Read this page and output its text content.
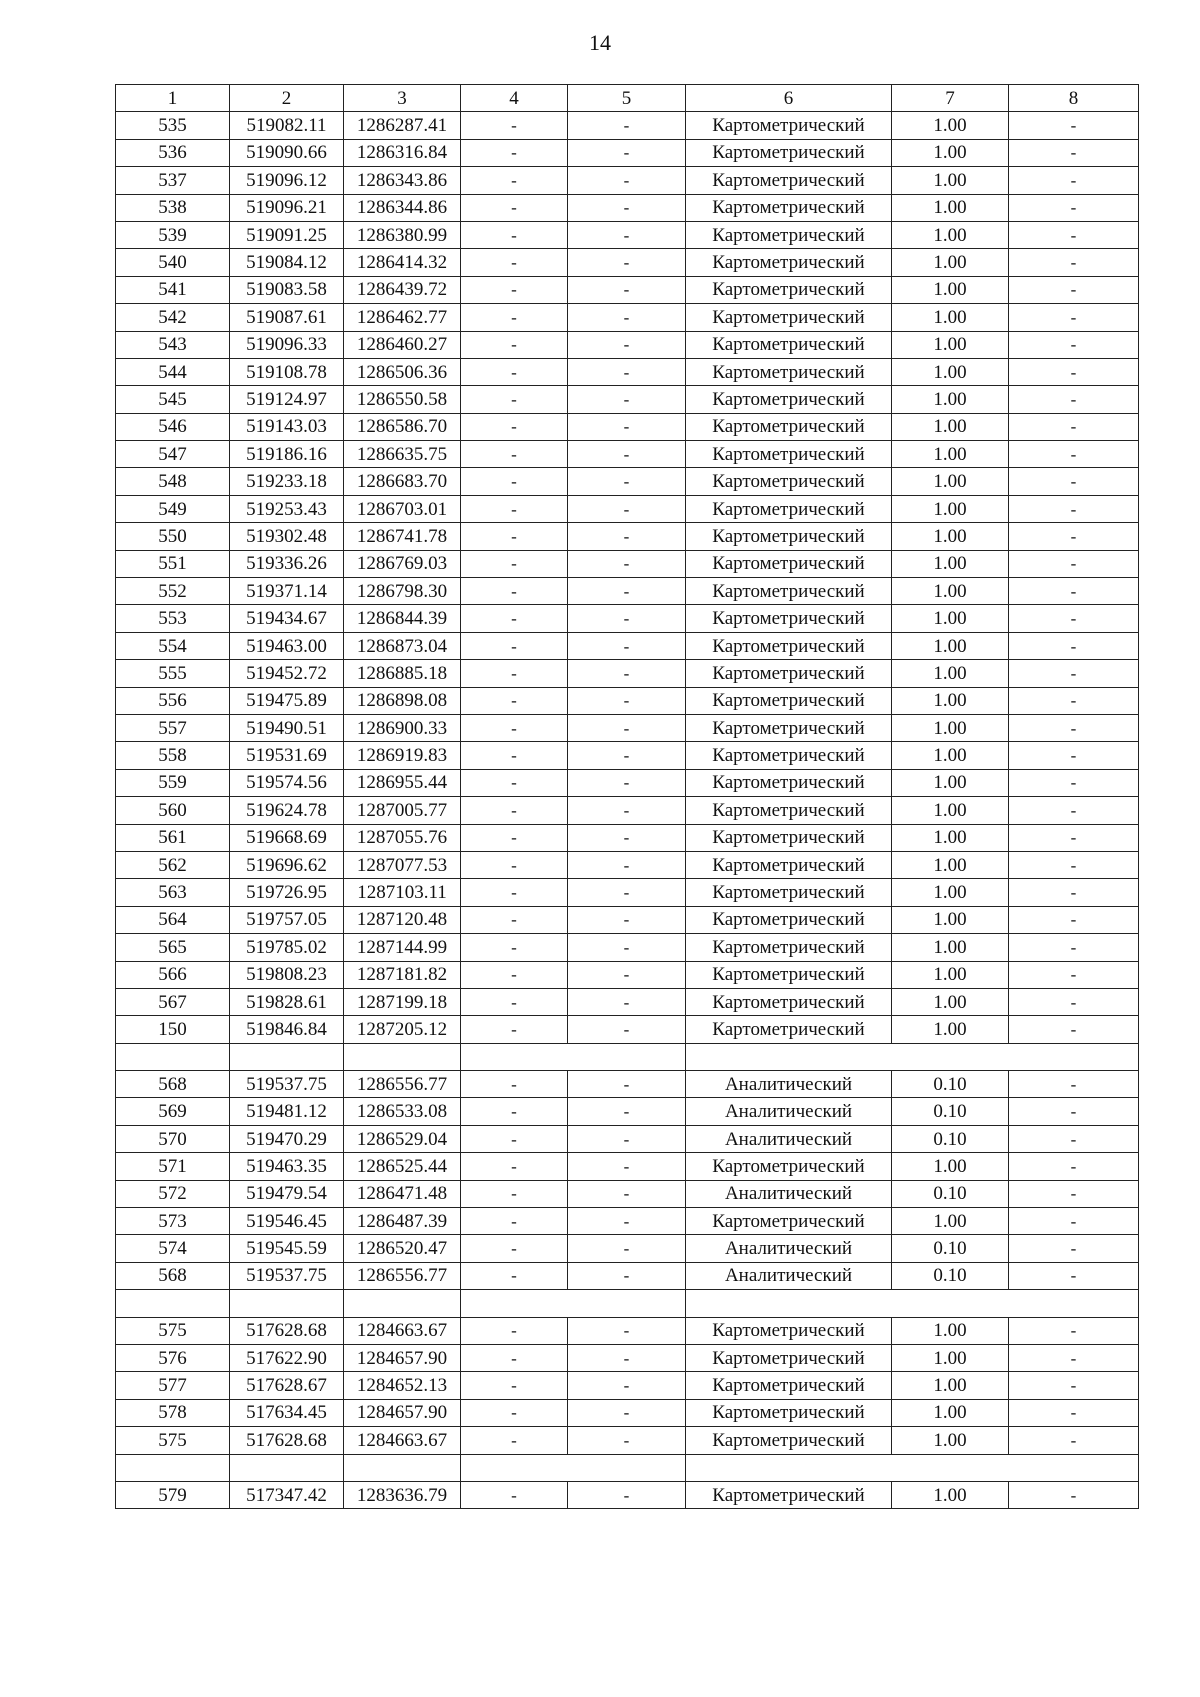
14
1	2	3	4	5	6	7	8
535	519082.11	1286287.41	-	-	Картометрический	1.00	-
536	519090.66	1286316.84	-	-	Картометрический	1.00	-
537	519096.12	1286343.86	-	-	Картометрический	1.00	-
538	519096.21	1286344.86	-	-	Картометрический	1.00	-
539	519091.25	1286380.99	-	-	Картометрический	1.00	-
540	519084.12	1286414.32	-	-	Картометрический	1.00	-
541	519083.58	1286439.72	-	-	Картометрический	1.00	-
542	519087.61	1286462.77	-	-	Картометрический	1.00	-
543	519096.33	1286460.27	-	-	Картометрический	1.00	-
544	519108.78	1286506.36	-	-	Картометрический	1.00	-
545	519124.97	1286550.58	-	-	Картометрический	1.00	-
546	519143.03	1286586.70	-	-	Картометрический	1.00	-
547	519186.16	1286635.75	-	-	Картометрический	1.00	-
548	519233.18	1286683.70	-	-	Картометрический	1.00	-
549	519253.43	1286703.01	-	-	Картометрический	1.00	-
550	519302.48	1286741.78	-	-	Картометрический	1.00	-
551	519336.26	1286769.03	-	-	Картометрический	1.00	-
552	519371.14	1286798.30	-	-	Картометрический	1.00	-
553	519434.67	1286844.39	-	-	Картометрический	1.00	-
554	519463.00	1286873.04	-	-	Картометрический	1.00	-
555	519452.72	1286885.18	-	-	Картометрический	1.00	-
556	519475.89	1286898.08	-	-	Картометрический	1.00	-
557	519490.51	1286900.33	-	-	Картометрический	1.00	-
558	519531.69	1286919.83	-	-	Картометрический	1.00	-
559	519574.56	1286955.44	-	-	Картометрический	1.00	-
560	519624.78	1287005.77	-	-	Картометрический	1.00	-
561	519668.69	1287055.76	-	-	Картометрический	1.00	-
562	519696.62	1287077.53	-	-	Картометрический	1.00	-
563	519726.95	1287103.11	-	-	Картометрический	1.00	-
564	519757.05	1287120.48	-	-	Картометрический	1.00	-
565	519785.02	1287144.99	-	-	Картометрический	1.00	-
566	519808.23	1287181.82	-	-	Картометрический	1.00	-
567	519828.61	1287199.18	-	-	Картометрический	1.00	-
150	519846.84	1287205.12	-	-	Картометрический	1.00	-

568	519537.75	1286556.77	-	-	Аналитический	0.10	-
569	519481.12	1286533.08	-	-	Аналитический	0.10	-
570	519470.29	1286529.04	-	-	Аналитический	0.10	-
571	519463.35	1286525.44	-	-	Картометрический	1.00	-
572	519479.54	1286471.48	-	-	Аналитический	0.10	-
573	519546.45	1286487.39	-	-	Картометрический	1.00	-
574	519545.59	1286520.47	-	-	Аналитический	0.10	-
568	519537.75	1286556.77	-	-	Аналитический	0.10	-

575	517628.68	1284663.67	-	-	Картометрический	1.00	-
576	517622.90	1284657.90	-	-	Картометрический	1.00	-
577	517628.67	1284652.13	-	-	Картометрический	1.00	-
578	517634.45	1284657.90	-	-	Картометрический	1.00	-
575	517628.68	1284663.67	-	-	Картометрический	1.00	-

579	517347.42	1283636.79	-	-	Картометрический	1.00	-
